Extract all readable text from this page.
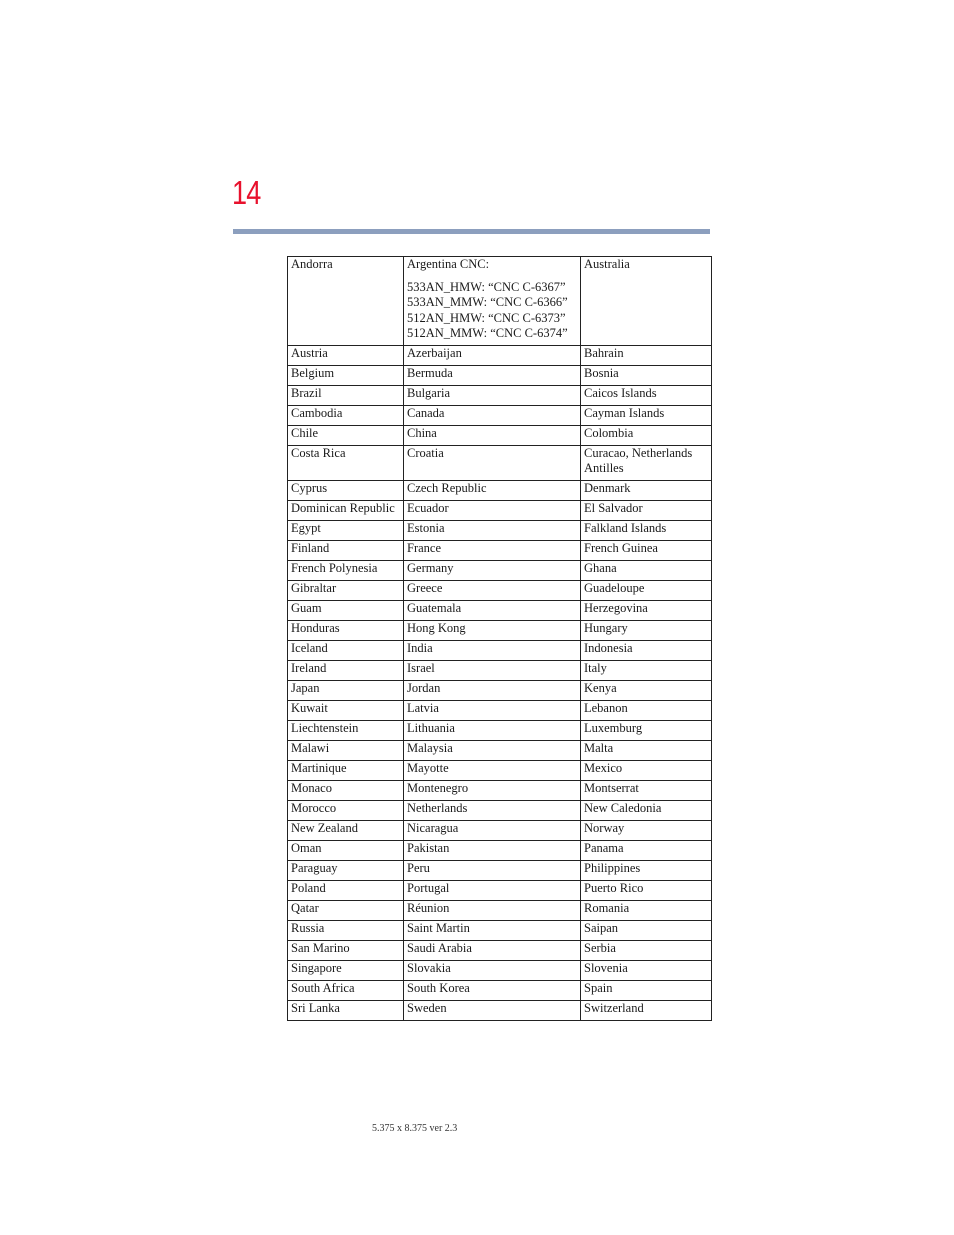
14
Andorra	Argentina CNC:
533AN_HMW: “CNC C-6367”
533AN_MMW: “CNC C-6366”
512AN_HMW: “CNC C-6373”
512AN_MMW: “CNC C-6374”	Australia
Austria	Azerbaijan	Bahrain
Belgium	Bermuda	Bosnia
Brazil	Bulgaria	Caicos Islands
Cambodia	Canada	Cayman Islands
Chile	China	Colombia
Costa Rica	Croatia	Curacao, Netherlands Antilles
Cyprus	Czech Republic	Denmark
Dominican Republic	Ecuador	El Salvador
Egypt	Estonia	Falkland Islands
Finland	France	French Guinea
French Polynesia	Germany	Ghana
Gibraltar	Greece	Guadeloupe
Guam	Guatemala	Herzegovina
Honduras	Hong Kong	Hungary
Iceland	India	Indonesia
Ireland	Israel	Italy
Japan	Jordan	Kenya
Kuwait	Latvia	Lebanon
Liechtenstein	Lithuania	Luxemburg
Malawi	Malaysia	Malta
Martinique	Mayotte	Mexico
Monaco	Montenegro	Montserrat
Morocco	Netherlands	New Caledonia
New Zealand	Nicaragua	Norway
Oman	Pakistan	Panama
Paraguay	Peru	Philippines
Poland	Portugal	Puerto Rico
Qatar	Réunion	Romania
Russia	Saint Martin	Saipan
San Marino	Saudi Arabia	Serbia
Singapore	Slovakia	Slovenia
South Africa	South Korea	Spain
Sri Lanka	Sweden	Switzerland
5.375 x 8.375 ver 2.3
